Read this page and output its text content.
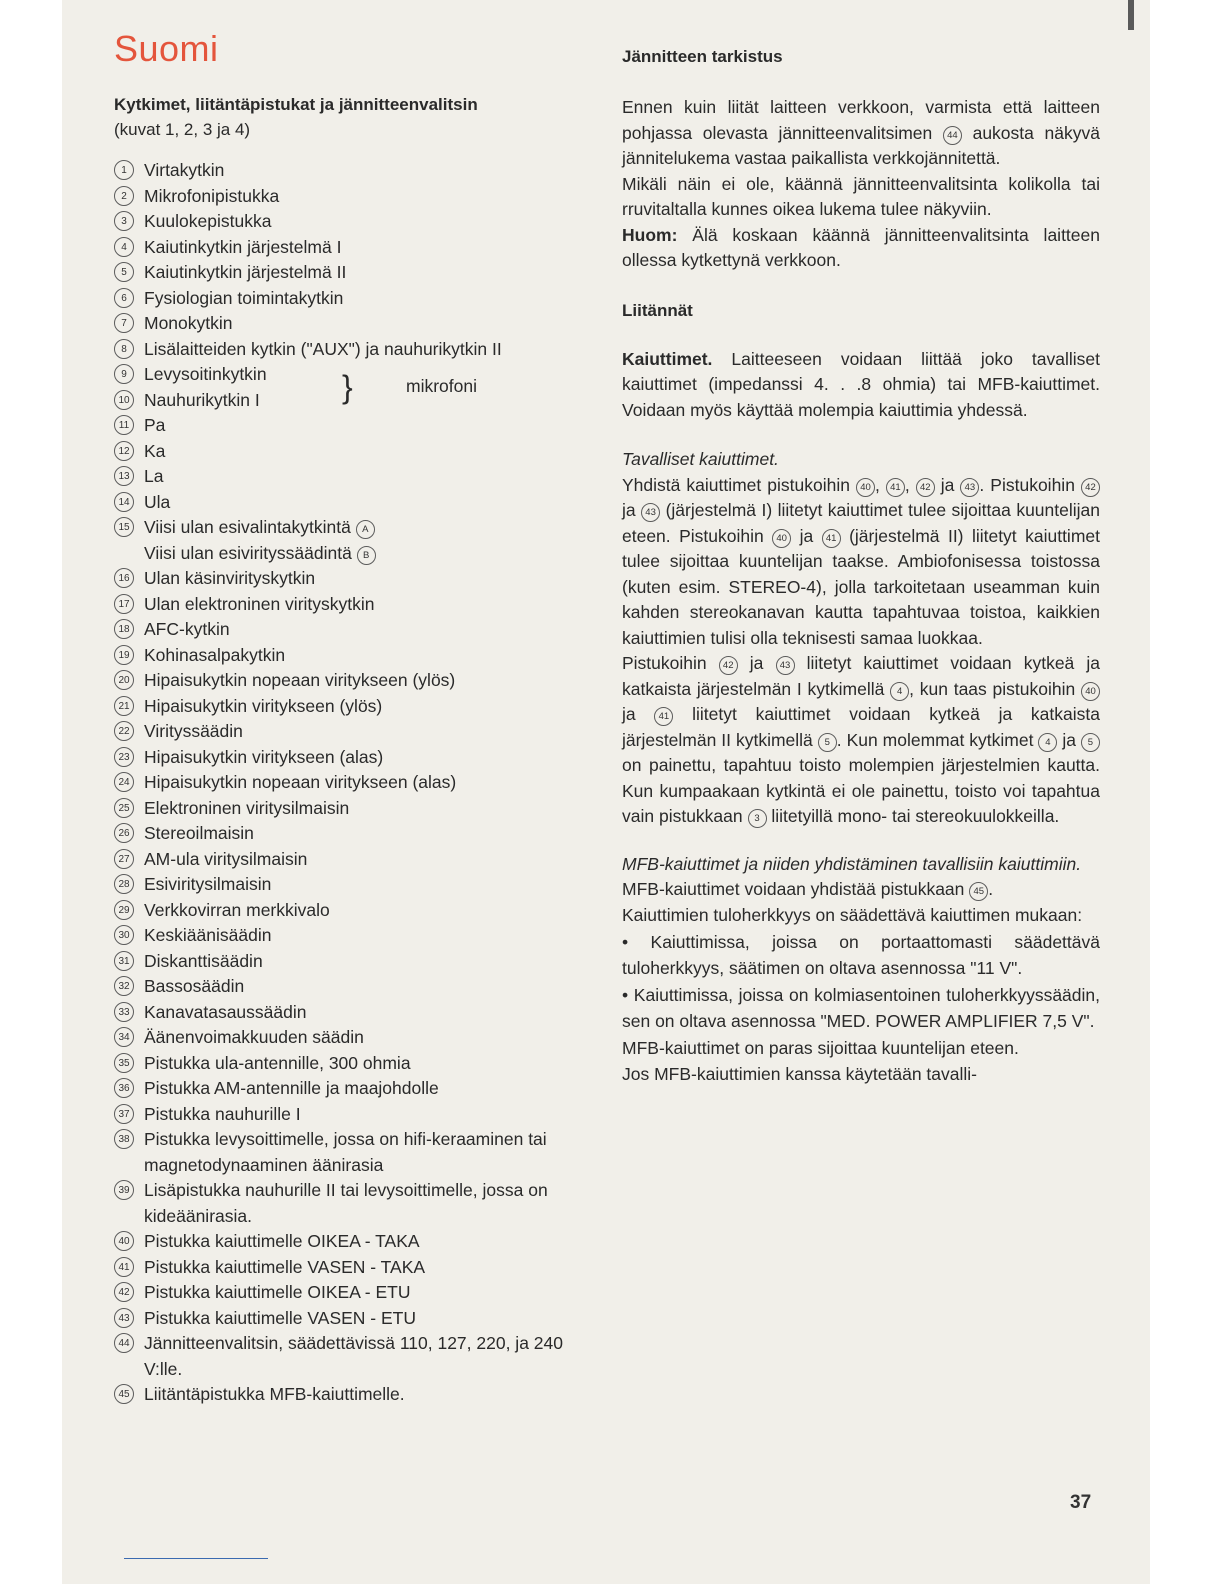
Suomi

Kytkimet, liitäntäpistukat ja jännitteenvalitsin

(kuvat 1, 2, 3 ja 4)

1 Virtakytkin
2 Mikrofonipistukka
3 Kuulokepistukka
4 Kaiutinkytkin järjestelmä I
5 Kaiutinkytkin järjestelmä II
6 Fysiologian toimintakytkin
7 Monokytkin
8 Lisälaitteiden kytkin ("AUX") ja nauhurikytkin II
9 Levysoitinkytkin
10 Nauhurikytkin I	}	mikrofoni
11 Pa
12 Ka
13 La
14 Ula
15 Viisi ulan esivalintakytkintä A
Viisi ulan esivirityssäädintä B
16 Ulan käsinvirityskytkin
17 Ulan elektroninen virityskytkin
18 AFC-kytkin
19 Kohinasalpakytkin
20 Hipaisukytkin nopeaan viritykseen (ylös)
21 Hipaisukytkin viritykseen (ylös)
22 Virityssäädin
23 Hipaisukytkin viritykseen (alas)
24 Hipaisukytkin nopeaan viritykseen (alas)
25 Elektroninen viritysilmaisin
26 Stereoilmaisin
27 AM-ula viritysilmaisin
28 Esiviritysilmaisin
29 Verkkovirran merkkivalo
30 Keskiäänisäädin
31 Diskanttisäädin
32 Bassosäädin
33 Kanavatasaussäädin
34 Äänenvoimakkuuden säädin
35 Pistukka ula-antennille, 300 ohmia
36 Pistukka AM-antennille ja maajohdolle
37 Pistukka nauhurille I
38 Pistukka levysoittimelle, jossa on hifi-keraaminen tai magnetodynaaminen äänirasia
39 Lisäpistukka nauhurille II tai levysoittimelle, jossa on kideäänirasia.
40 Pistukka kaiuttimelle OIKEA - TAKA
41 Pistukka kaiuttimelle VASEN - TAKA
42 Pistukka kaiuttimelle OIKEA - ETU
43 Pistukka kaiuttimelle VASEN - ETU
44 Jännitteenvalitsin, säädettävissä 110, 127, 220, ja 240 V:lle.
45 Liitäntäpistukka MFB-kaiuttimelle.

Jännitteen tarkistus

Ennen kuin liität laitteen verkkoon, varmista että laitteen pohjassa olevasta jännitteenvalitsimen 44 aukosta näkyvä jännitelukema vastaa paikallista verkkojännitettä.

Mikäli näin ei ole, käännä jännitteenvalitsinta kolikolla tai rruvitaltalla kunnes oikea lukema tulee näkyviin.

Huom: Älä koskaan käännä jännitteenvalitsinta laitteen ollessa kytkettynä verkkoon.

Liitännät

Kaiuttimet. Laitteeseen voidaan liittää joko tavalliset kaiuttimet (impedanssi 4. . .8 ohmia) tai MFB-kaiuttimet. Voidaan myös käyttää molempia kaiuttimia yhdessä.

Tavalliset kaiuttimet.

Yhdistä kaiuttimet pistukoihin 40 , 41 , 42 ja 43 . Pistukoihin 42 ja 43 (järjestelmä I) liitetyt kaiuttimet tulee sijoittaa kuuntelijan eteen. Pistukoihin 40 ja 41 (järjestelmä II) liitetyt kaiuttimet tulee sijoittaa kuuntelijan taakse. Ambiofonisessa toistossa (kuten esim. STEREO-4), jolla tarkoitetaan useamman kuin kahden stereokanavan kautta tapahtuvaa toistoa, kaikkien kaiuttimien tulisi olla teknisesti samaa luokkaa.

Pistukoihin 42 ja 43 liitetyt kaiuttimet voidaan kytkeä ja katkaista järjestelmän I kytkimellä 4 , kun taas pistukoihin 40 ja 41 liitetyt kaiuttimet voidaan kytkeä ja katkaista järjestelmän II kytkimellä 5 . Kun molemmat kytkimet 4 ja 5 on painettu, tapahtuu toisto molempien järjestelmien kautta. Kun kumpaakaan kytkintä ei ole painettu, toisto voi tapahtua vain pistukkaan 3 liitetyillä mono- tai stereokuulokkeilla.

MFB-kaiuttimet ja niiden yhdistäminen tavallisiin kaiuttimiin.

MFB-kaiuttimet voidaan yhdistää pistukkaan 45 .

Kaiuttimien tuloherkkyys on säädettävä kaiuttimen mukaan:

• Kaiuttimissa, joissa on portaattomasti säädettävä tuloherkkyys, säätimen on oltava asennossa "11 V".

• Kaiuttimissa, joissa on kolmiasentoinen tuloherkkyyssäädin, sen on oltava asennossa "MED. POWER AMPLIFIER 7,5 V".

MFB-kaiuttimet on paras sijoittaa kuuntelijan eteen.

Jos MFB-kaiuttimien kanssa käytetään tavalli-

37
